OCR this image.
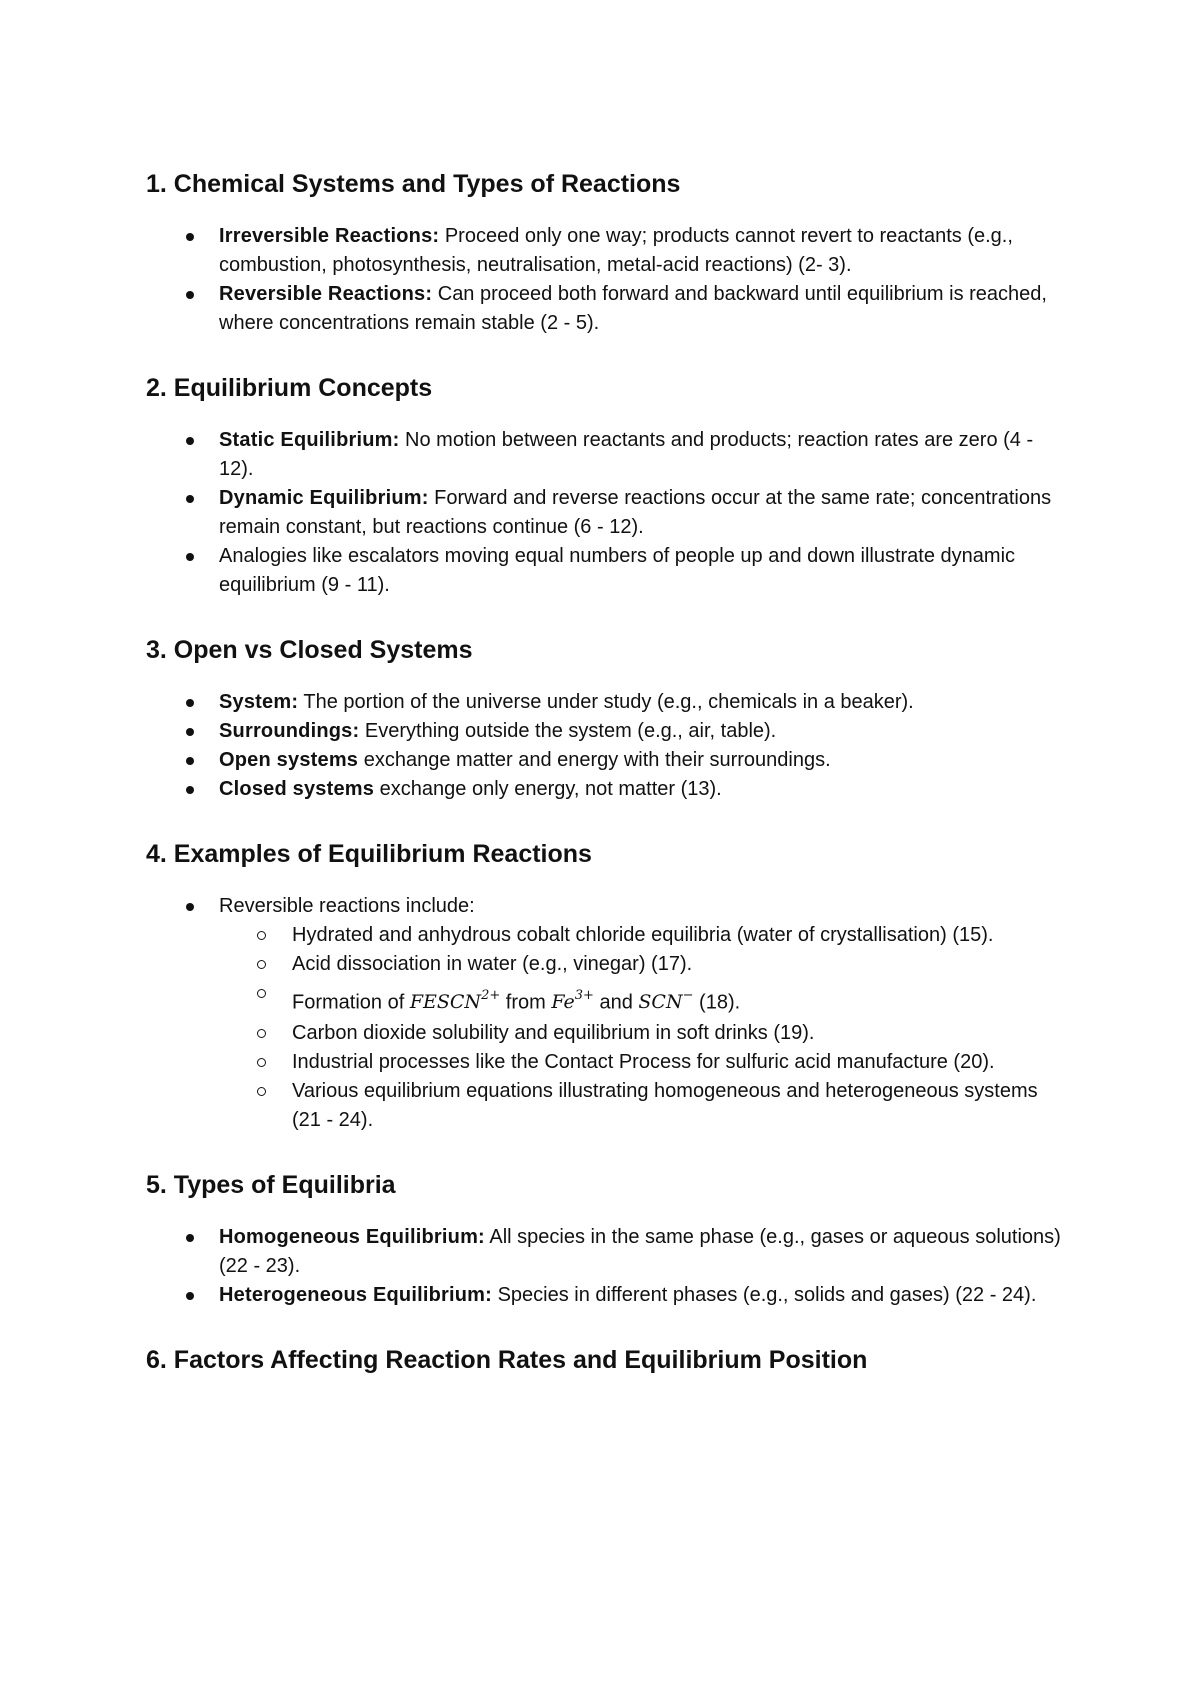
1. Chemical Systems and Types of Reactions
Irreversible Reactions: Proceed only one way; products cannot revert to reactants (e.g., combustion, photosynthesis, neutralisation, metal-acid reactions) (2- 3).
Reversible Reactions: Can proceed both forward and backward until equilibrium is reached, where concentrations remain stable (2 - 5).
2. Equilibrium Concepts
Static Equilibrium: No motion between reactants and products; reaction rates are zero (4 - 12).
Dynamic Equilibrium: Forward and reverse reactions occur at the same rate; concentrations remain constant, but reactions continue (6 - 12).
Analogies like escalators moving equal numbers of people up and down illustrate dynamic equilibrium (9 - 11).
3. Open vs Closed Systems
System: The portion of the universe under study (e.g., chemicals in a beaker).
Surroundings: Everything outside the system (e.g., air, table).
Open systems exchange matter and energy with their surroundings.
Closed systems exchange only energy, not matter (13).
4. Examples of Equilibrium Reactions
Reversible reactions include:
Hydrated and anhydrous cobalt chloride equilibria (water of crystallisation) (15).
Acid dissociation in water (e.g., vinegar) (17).
Formation of $FESCN^{2+}$ from $Fe^{3+}$ and SCN− (18).
Carbon dioxide solubility and equilibrium in soft drinks (19).
Industrial processes like the Contact Process for sulfuric acid manufacture (20).
Various equilibrium equations illustrating homogeneous and heterogeneous systems (21 - 24).
5. Types of Equilibria
Homogeneous Equilibrium: All species in the same phase (e.g., gases or aqueous solutions) (22 - 23).
Heterogeneous Equilibrium: Species in different phases (e.g., solids and gases) (22 - 24).
6. Factors Affecting Reaction Rates and Equilibrium Position
